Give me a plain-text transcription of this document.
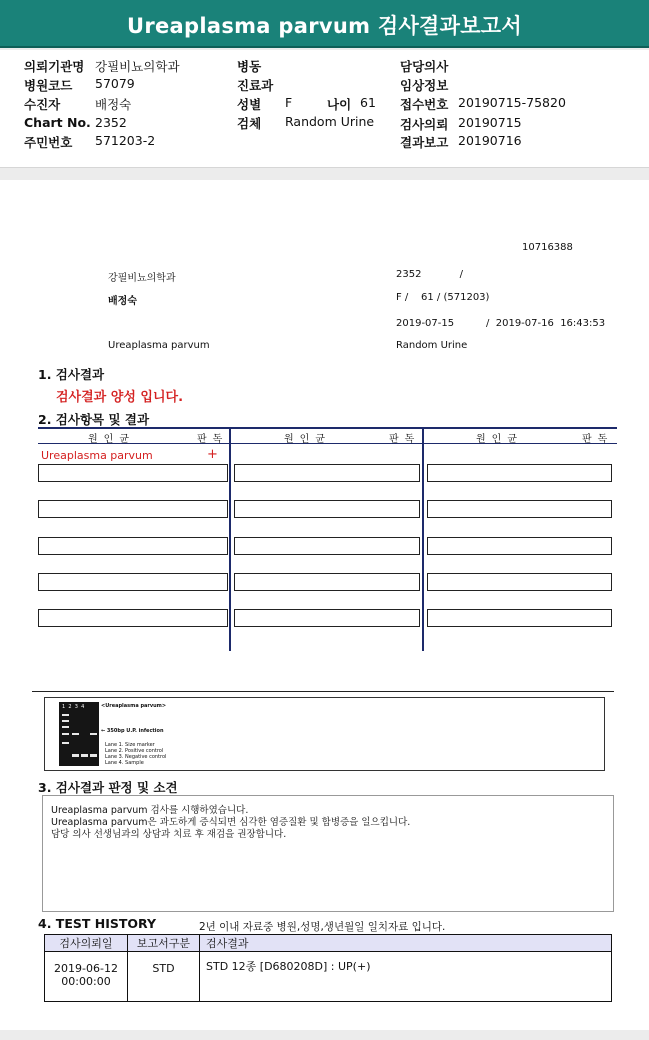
Ureaplasma parvum 검사결과보고서
의뢰기관명 강필비뇨의학과
병원코드 57079
수진자	배정숙
Chart No. 2352
주민번호 571203-2
병동
진료과
성별 F	나이 61
검체 Random Urine
담당의사
임상정보
접수번호 20190715-75820
검사의뢰 20190715
결과보고 20190716
10716388
강필비뇨의학과	2352            /
배정숙	F /    61 / (571203)
2019-07-15	/  2019-07-16  16:43:53
Ureaplasma parvum	Random Urine
1. 검사결과
검사결과 양성 입니다.
2. 검사항목 및 결과
원인균	판독	원인균	판독	원인균	판독
Ureaplasma parvum	+
1  2  3  4	<Ureaplasma parvum>
← 350bp U.P. infection
Lane 1. Size marker
Lane 2. Positive control
Lane 3. Negative control
Lane 4. Sample
3. 검사결과 판정 및 소견
Ureaplasma parvum 검사를 시행하였습니다.
Ureaplasma parvum은 과도하게 증식되면 심각한 염증질환 및 합병증을 일으킵니다.
담당 의사 선생님과의 상담과 치료 후 재검을 권장합니다.
4. TEST HISTORY	2년 이내 자료중 병원,성명,생년월일 일치자료 입니다.
검사의뢰일	보고서구분	검사결과

2019-06-12
00:00:00	STD	STD 12종 [D680208D] : UP(+)
